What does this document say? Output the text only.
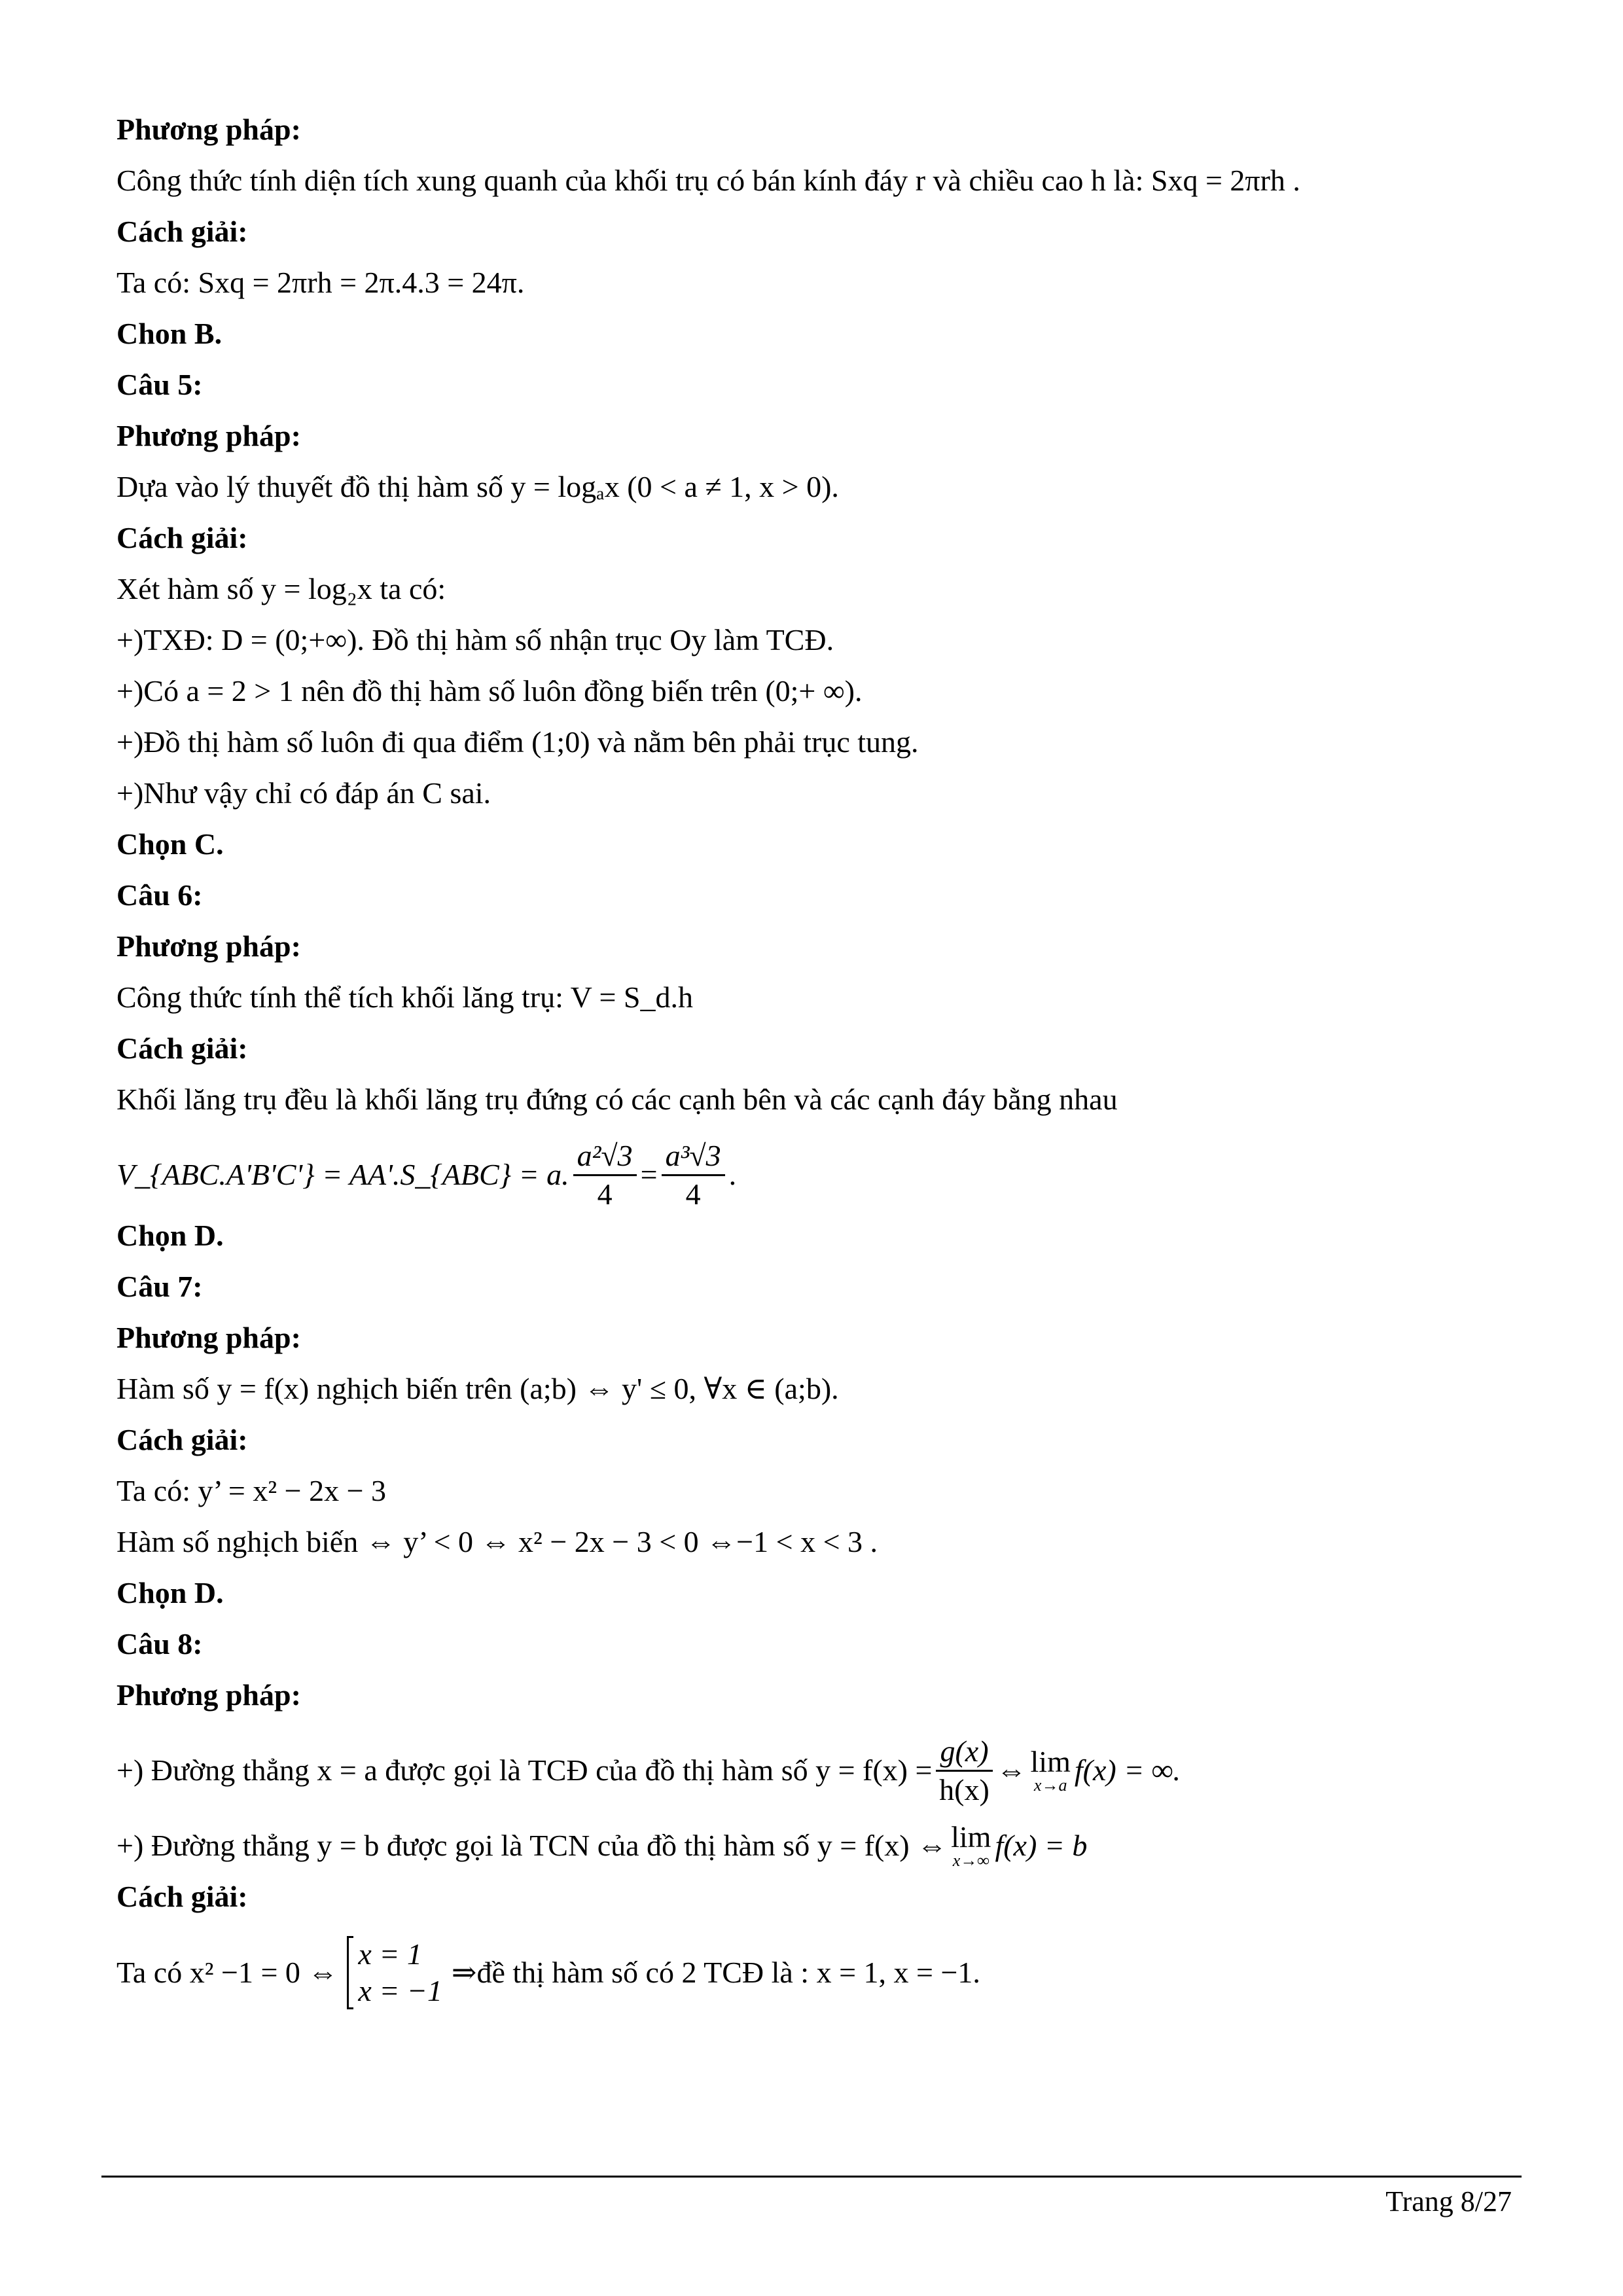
Phương pháp:
Công thức tính diện tích xung quanh của khối trụ có bán kính đáy r và chiều cao h là: Sxq = 2πrh .
Cách giải:
Ta có: Sxq = 2πrh = 2π.4.3 = 24π.
Chon B.
Câu 5:
Phương pháp:
Dựa vào lý thuyết đồ thị hàm số y = logₐx (0 < a ≠ 1, x > 0).
Cách giải:
Xét hàm số y = log₂x ta có:
+)TXĐ: D = (0;+∞). Đồ thị hàm số nhận trục Oy làm TCĐ.
+)Có a = 2 > 1 nên đồ thị hàm số luôn đồng biến trên (0;+ ∞).
+)Đồ thị hàm số luôn đi qua điểm (1;0) và nằm bên phải trục tung.
+)Như vậy chỉ có đáp án C sai.
Chọn C.
Câu 6:
Phương pháp:
Công thức tính thể tích khối lăng trụ: V = S_d.h
Cách giải:
Khối lăng trụ đều là khối lăng trụ đứng có các cạnh bên và các cạnh đáy bằng nhau
V_{ABC.A'B'C'} = AA'.S_{ABC} = a. $\frac{\text{a²√3}}{4} = \frac{\text{a³√3}}{4}$ .
Chọn D.
Câu 7:
Phương pháp:
Hàm số y = f(x) nghịch biến trên (a;b) ⇔ y' ≤ 0, ∀x ∈ (a;b).
Cách giải:
Ta có: y’ = x² − 2x − 3
Hàm số nghịch biến ⇔ y’ < 0 ⇔ x² − 2x − 3 < 0 ⇔−1 < x < 3 .
Chọn D.
Câu 8:
Phương pháp:
+) Đường thẳng x = a được gọi là TCĐ của đồ thị hàm số $y = f(x) = \frac{g(x)}{h(x)}$ ⇔ lim
x→a f(x) = ∞.
+) Đường thẳng y = b được gọi là TCN của đồ thị hàm số y = f(x) ⇔ lim
x→∞ f(x) = b
Cách giải:
Ta có x² −1 = 0 ⇔
x = 1
x = −1
⇒đề thị hàm số có 2 TCĐ là : x = 1, x = −1.
Trang 8/27
